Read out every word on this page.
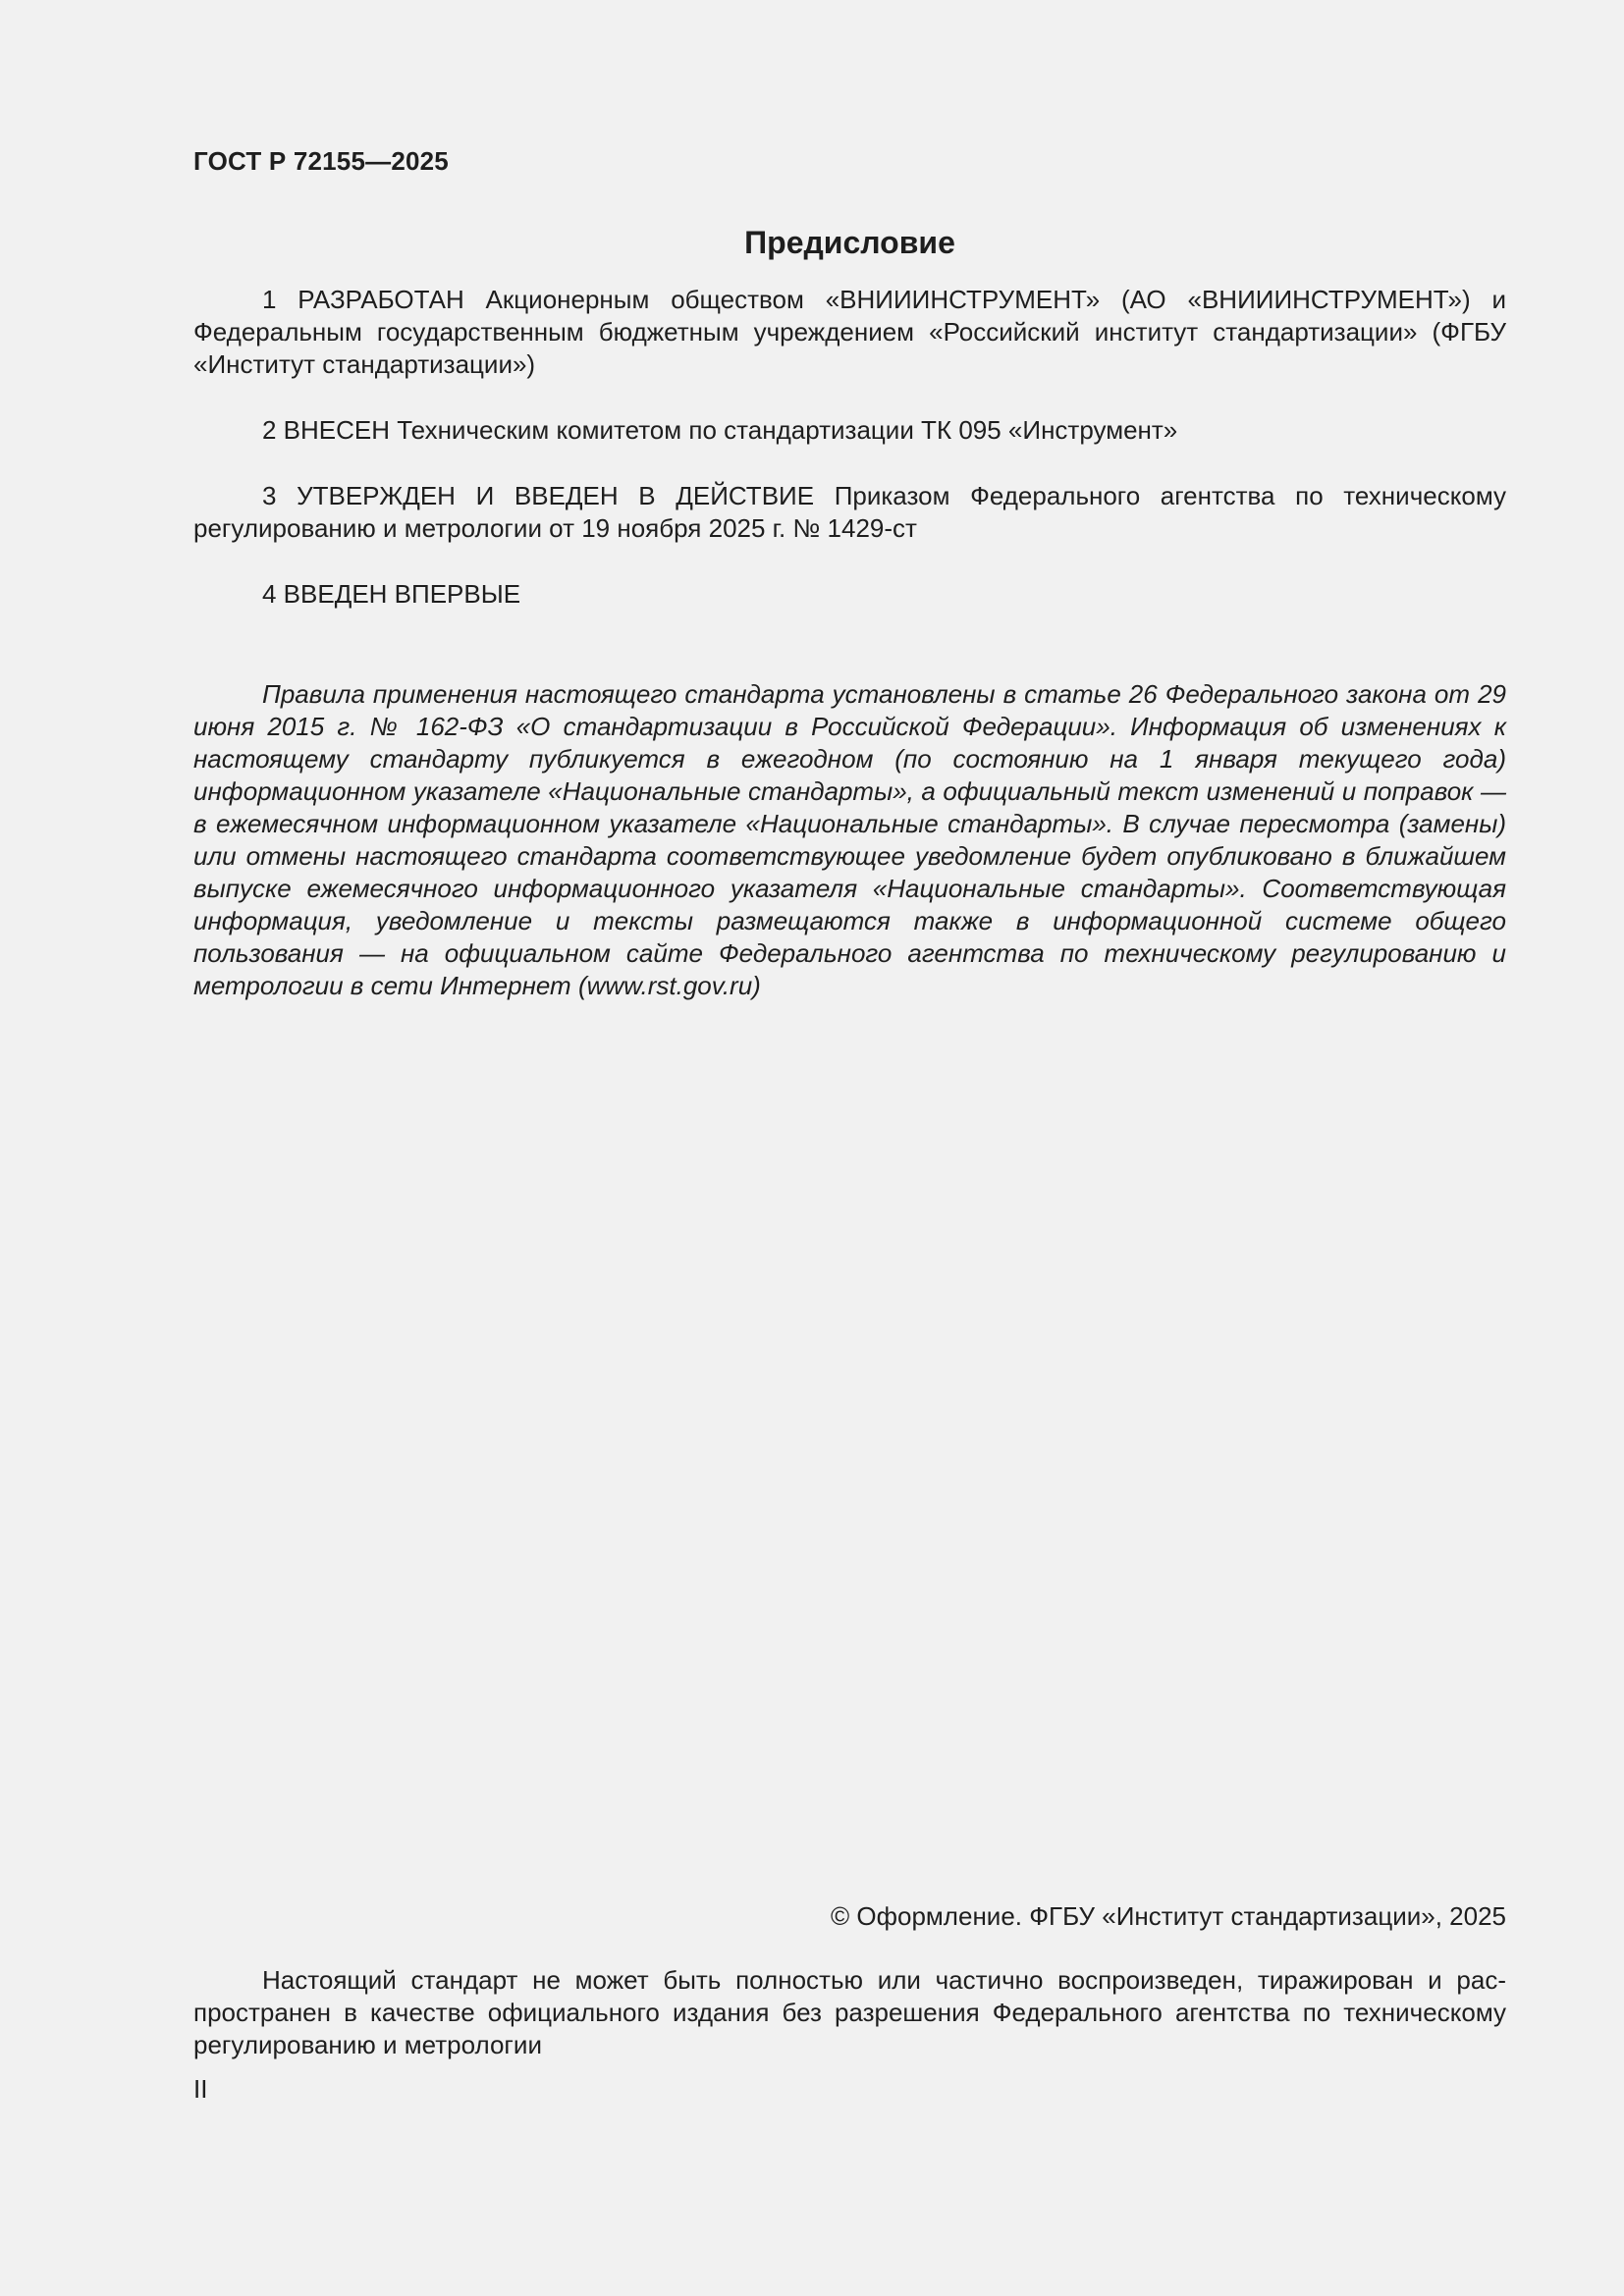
ГОСТ Р 72155—2025
Предисловие

1 РАЗРАБОТАН Акционерным обществом «ВНИИИНСТРУМЕНТ» (АО «ВНИИИНСТРУМЕНТ») и Федеральным государственным бюджетным учреждением «Российский институт стандартизации» (ФГБУ «Институт стандартизации»)

2 ВНЕСЕН Техническим комитетом по стандартизации ТК 095 «Инструмент»

3 УТВЕРЖДЕН И ВВЕДЕН В ДЕЙСТВИЕ Приказом Федерального агентства по техническому регулированию и метрологии от 19 ноября 2025 г. № 1429-ст

4 ВВЕДЕН ВПЕРВЫЕ

Правила применения настоящего стандарта установлены в статье 26 Федерального закона от 29 июня 2015 г. № 162-ФЗ «О стандартизации в Российской Федерации». Информация об изменениях к настоящему стандарту публикуется в ежегодном (по состоянию на 1 января текущего года) информационном указателе «Национальные стандарты», а официальный текст изменений и поправок — в ежемесячном информационном указателе «Национальные стандарты». В случае пересмотра (замены) или отмены настоящего стандарта соответствующее уведомление будет опубликовано в ближайшем выпуске ежемесячного информационного указателя «Национальные стандарты». Соответствующая информация, уведомление и тексты размещаются также в информационной системе общего пользования — на официальном сайте Федерального агентства по техническому регулированию и метрологии в сети Интернет (www.rst.gov.ru)

© Оформление. ФГБУ «Институт стандартизации», 2025

Настоящий стандарт не может быть полностью или частично воспроизведен, тиражирован и распространен в качестве официального издания без разрешения Федерального агентства по техническому регулированию и метрологии

II
